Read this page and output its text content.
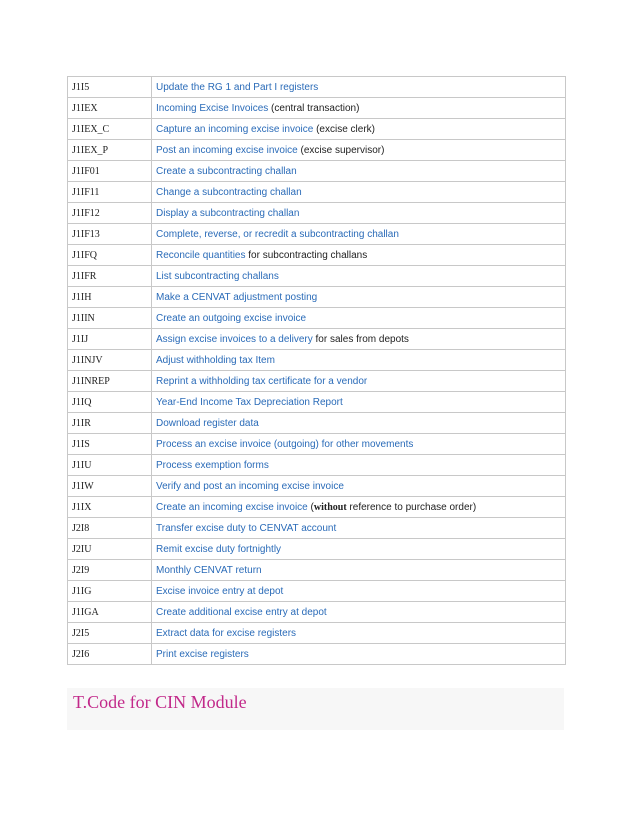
J1I5	Update the RG 1 and Part I registers
J1IEX	Incoming Excise Invoices (central transaction)
J1IEX_C	Capture an incoming excise invoice (excise clerk)
J1IEX_P	Post an incoming excise invoice (excise supervisor)
J1IF01	Create a subcontracting challan
J1IF11	Change a subcontracting challan
J1IF12	Display a subcontracting challan
J1IF13	Complete, reverse, or recredit a subcontracting challan
J1IFQ	Reconcile quantities for subcontracting challans
J1IFR	List subcontracting challans
J1IH	Make a CENVAT adjustment posting
J1IIN	Create an outgoing excise invoice
J1IJ	Assign excise invoices to a delivery for sales from depots
J1INJV	Adjust withholding tax Item
J1INREP	Reprint a withholding tax certificate for a vendor
J1IQ	Year-End Income Tax Depreciation Report
J1IR	Download register data
J1IS	Process an excise invoice (outgoing) for other movements
J1IU	Process exemption forms
J1IW	Verify and post an incoming excise invoice
J1IX	Create an incoming excise invoice (without reference to purchase order)
J2I8	Transfer excise duty to CENVAT account
J2IU	Remit excise duty fortnightly
J2I9	Monthly CENVAT return
J1IG	Excise invoice entry at depot
J1IGA	Create additional excise entry at depot
J2I5	Extract data for excise registers
J2I6	Print excise registers
T.Code for CIN Module
